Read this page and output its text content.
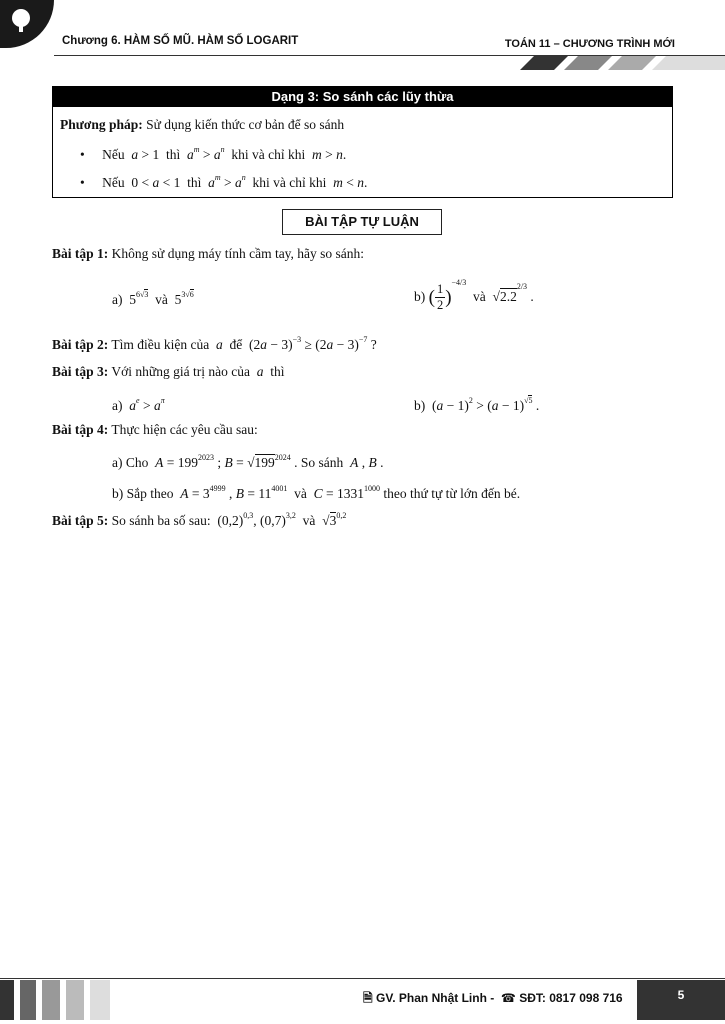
Chương 6. HÀM SỐ MŨ. HÀM SỐ LOGARIT	TOÁN 11 – CHƯƠNG TRÌNH MỚI
Dạng 3: So sánh các lũy thừa
Phương pháp: Sử dụng kiến thức cơ bản để so sánh
• Nếu a > 1  thì $a^m > a^n$ khi và chỉ khi m > n.
• Nếu  0 < a < 1  thì $a^m > a^n$ khi và chỉ khi m < n.
BÀI TẬP TỰ LUẬN
Bài tập 1: Không sử dụng máy tính cầm tay, hãy so sánh:
a)  $5^{6√3}$ và  $5^{3√6}$	b) ( $\frac{1}{2} )^{-4/3}$  và  $√2.2^{2/3}$ .
Bài tập 2: Tìm điều kiện của a để  $(2a - 3)^{-3} \ge (2a - 3)^{-7}$ ?
Bài tập 3: Với những giá trị nào của a thì
a) $a^e > a^\pi$	b)  $(a - 1)^2 > (a - 1)^{√5}$ .
Bài tập 4: Thực hiện các yêu cầu sau:
a) Cho $A = 199^{2023}$ ; $B = √199^{2024}$ . So sánh A , B .
b) Sắp theo $A = 3^{4999}$ , $B = 11^{4001}$ và $C = 1331^{1000}$ theo thứ tự từ lớn đến bé.
Bài tập 5: So sánh ba số sau:  $(0,2)^{0,3}$, $(0,7)^{3,2}$ và  √3$^{0,2}$
🗎 GV. Phan Nhật Linh -  ☎ SĐT: 0817 098 716	5
